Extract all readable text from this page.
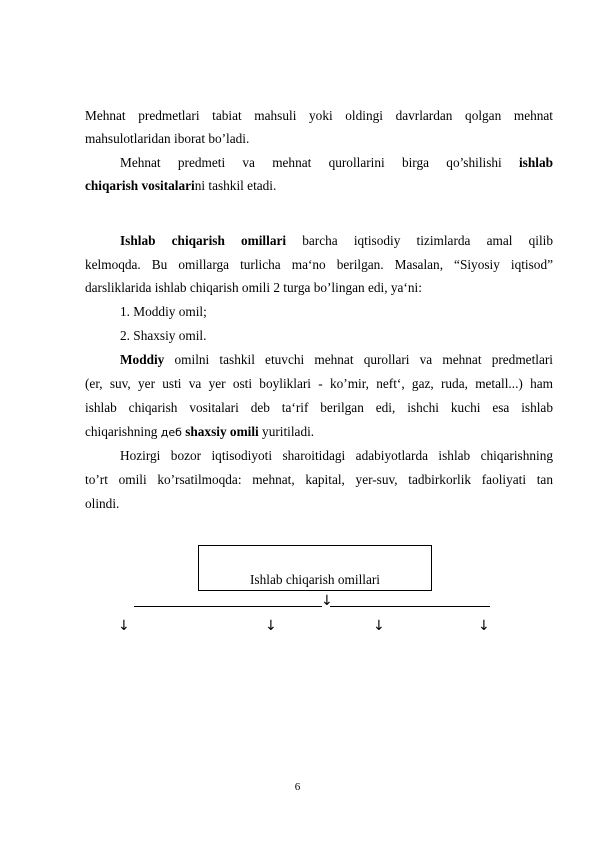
Mehnat predmetlari tabiat mahsuli yoki oldingi davrlardan qolgan mehnat
mahsulotlaridan iborat bo’ladi.
Mehnat predmeti va mehnat qurollarini birga qo’shilishi ishlab
chiqarish vositalarini tashkil etadi.
Ishlab chiqarish omillari barcha iqtisodiy tizimlarda amal qilib
kelmoqda. Bu omillarga turlicha ma‘no berilgan. Masalan, “Siyosiy iqtisod”
darsliklarida ishlab chiqarish omili 2 turga bo’lingan edi, ya‘ni:
1. Moddiy omil;
2. Shaxsiy omil.
Moddiy omilni tashkil etuvchi mehnat qurollari va mehnat predmetlari
(er, suv, yer usti va yer osti boyliklari - ko’mir, neft‘, gaz, ruda, metall...) ham
ishlab chiqarish vositalari deb ta‘rif berilgan edi, ishchi kuchi esa ishlab
chiqarishning деб shaxsiy omili yuritiladi.
Hozirgi bozor iqtisodiyoti sharoitidagi adabiyotlarda ishlab chiqarishning
to’rt omili ko’rsatilmoqda: mehnat, kapital, yer-suv, tadbirkorlik faoliyati tan
olindi.
Ishlab chiqarish omillari
↓
↓	↓	↓	↓
6
